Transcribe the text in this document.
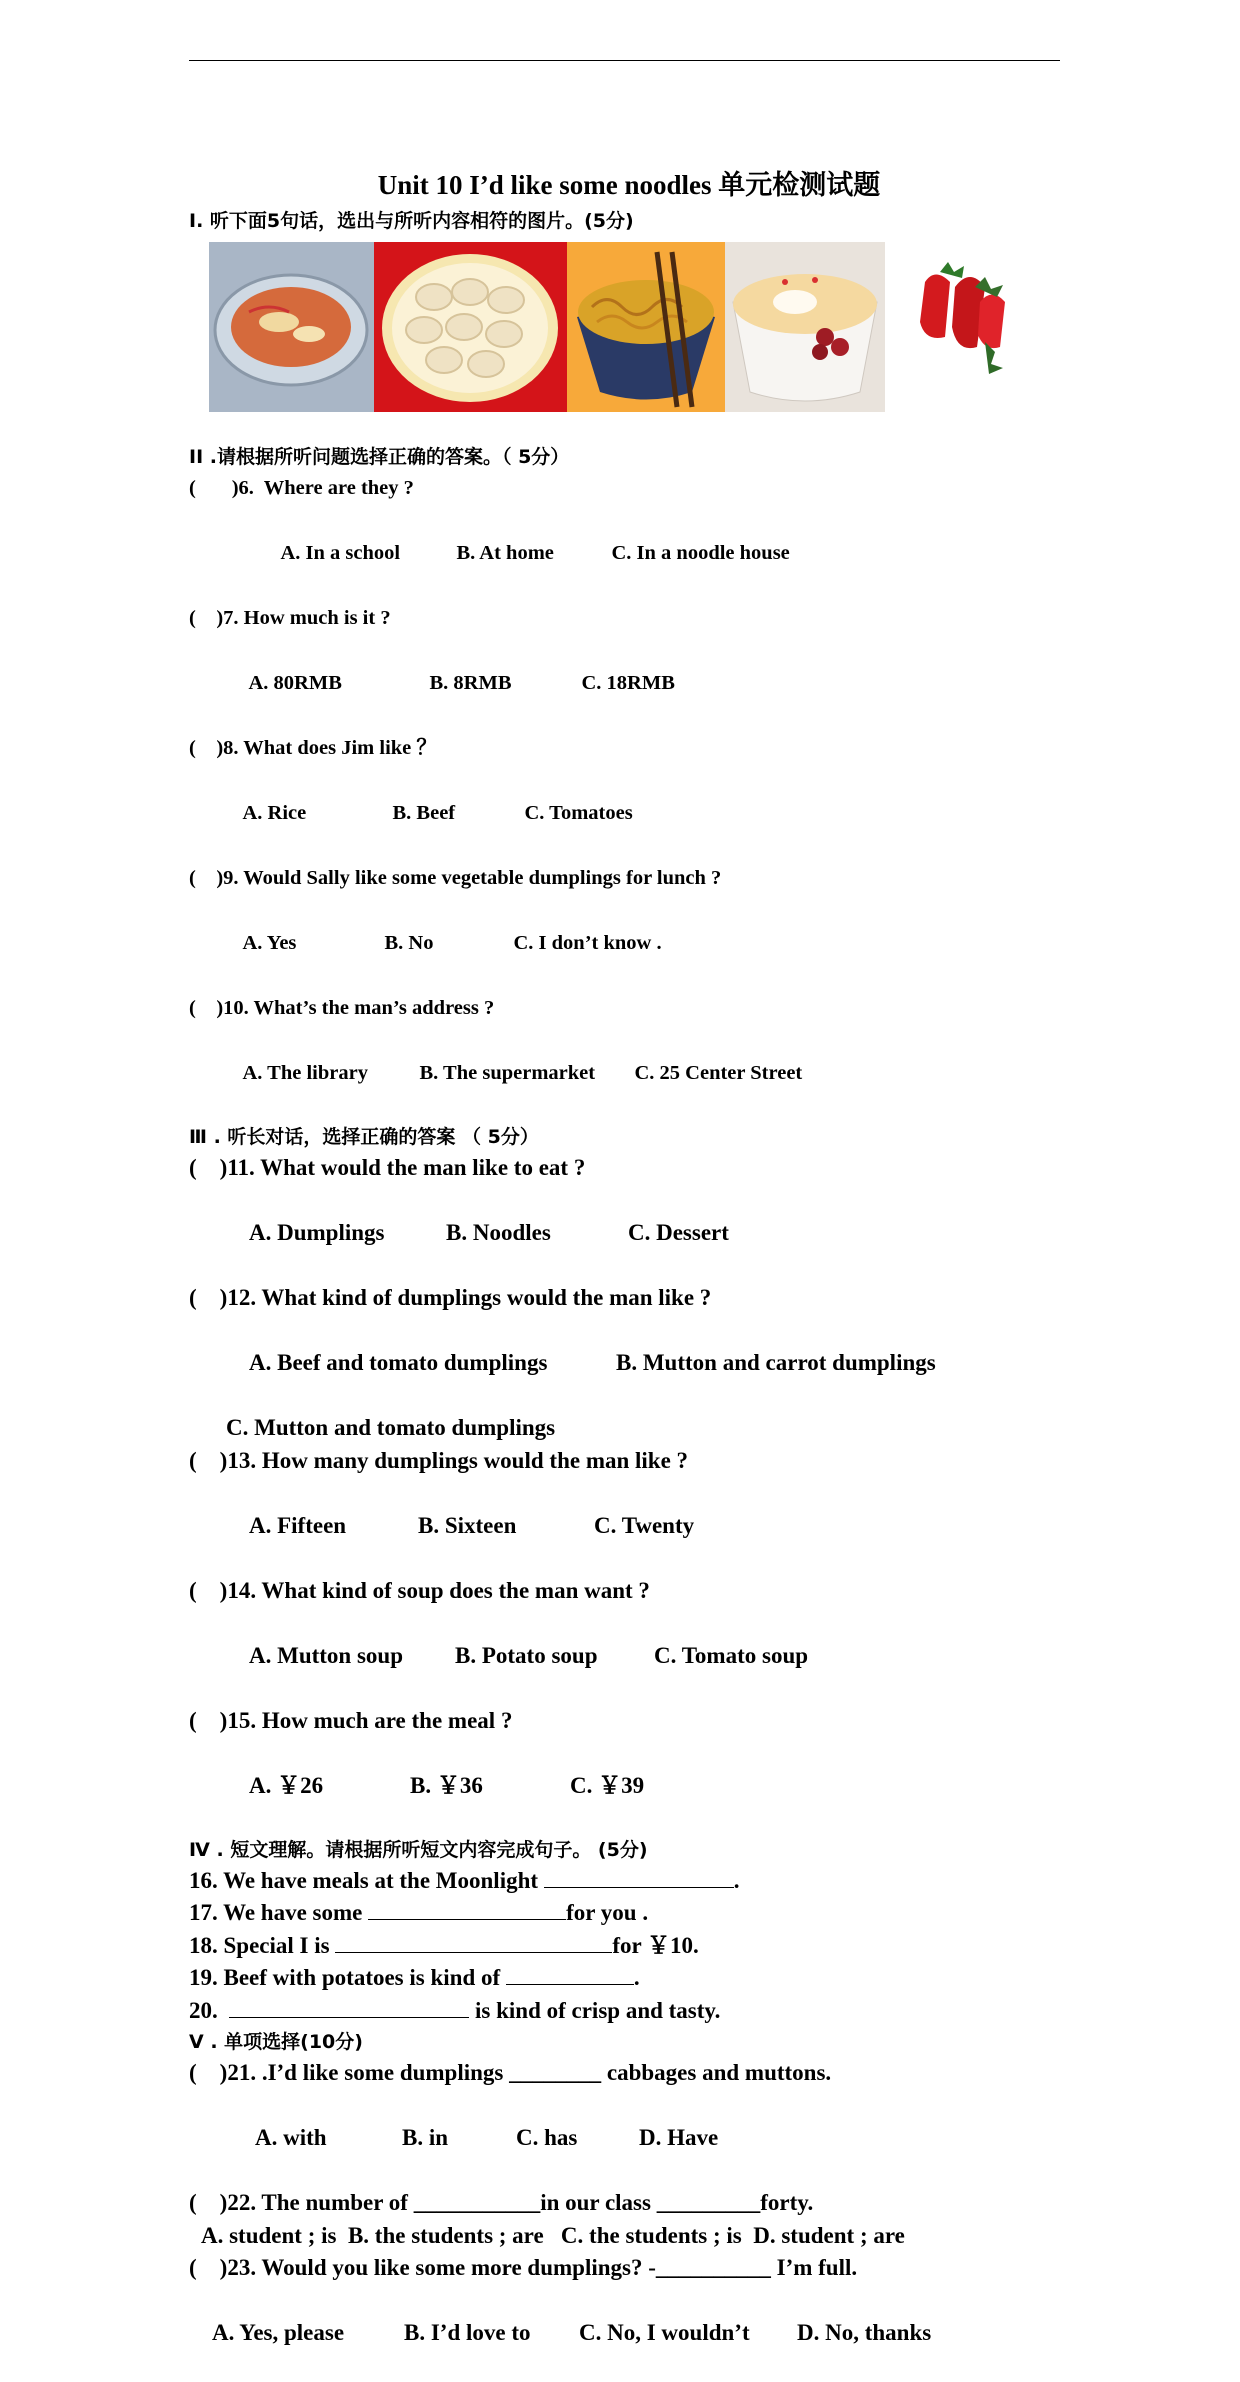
Unit 10 I’d like some noodles 单元检测试题
Ⅰ. 听下面5句话，选出与所听内容相符的图片。(5分)
II .请根据所听问题选择正确的答案。（ 5分）
(       )6.  Where are they ?

A. In a school	B. At home	C. In a noodle house

(    )7. How much is it ?

A. 80RMB	B. 8RMB	C. 18RMB

(    )8. What does Jim like ？

A. Rice	B. Beef	C. Tomatoes

(    )9. Would Sally like some vegetable dumplings for lunch ?

A. Yes	B. No	C. I don’t know .

(    )10. What’s the man’s address ?

A. The library	B. The supermarket C. 25 Center Street

Ⅲ . 听长对话，选择正确的答案 （ 5分）
(    )11. What would the man like to eat ?

A. Dumplings	B. Noodles	C. Dessert

(    )12. What kind of dumplings would the man like ?

A. Beef and tomato dumplings	B. Mutton and carrot dumplings

C. Mutton and tomato dumplings
(    )13. How many dumplings would the man like ?

A. Fifteen	B. Sixteen	C. Twenty

(    )14. What kind of soup does the man want ?

A. Mutton soup B. Potato soup C. Tomato soup

(    )15. How much are the meal ?

A. ￥26	B. ￥36	C. ￥39

Ⅳ . 短文理解。请根据所听短文内容完成句子。 (5分)
16. We have meals at the Moonlight	.
17. We have some	for you .
18. Special I is	for ￥10.
19. Beef with potatoes is kind of	.
20.	is kind of crisp and tasty.
Ⅴ . 单项选择(10分)
(    )21. .I’d like some dumplings ________ cabbages and muttons.

A. with	B. in	C. has	D. Have

(    )22. The number of ___________in our class _________forty.
A. student ; is  B. the students ; are   C. the students ; is  D. student ; are
(    )23. Would you like some more dumplings? -__________ I’m full.

A. Yes, please	B. I’d love to C. No, I wouldn’t D. No, thanks
